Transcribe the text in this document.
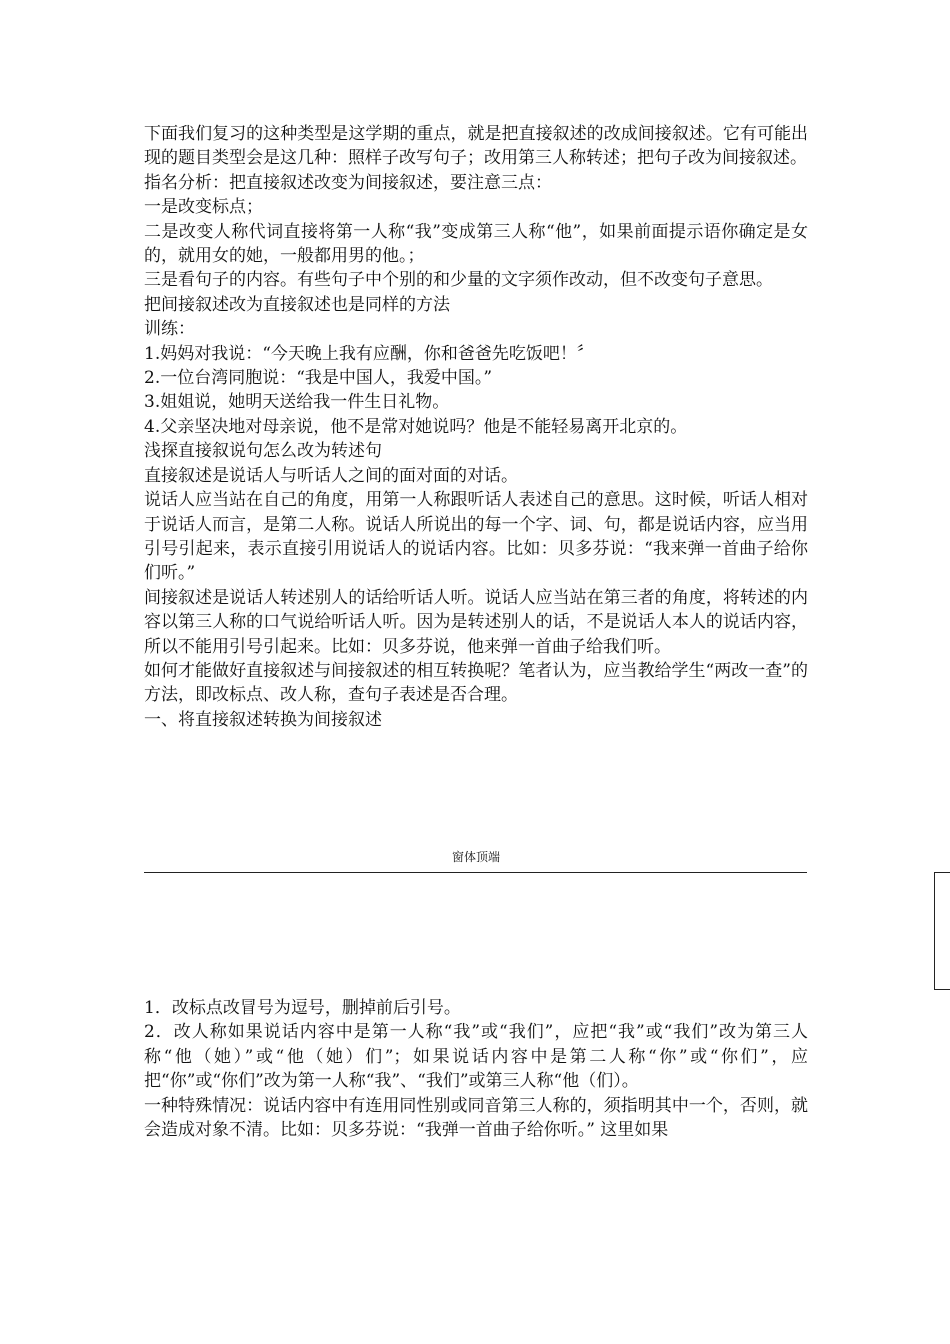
下面我们复习的这种类型是这学期的重点，就是把直接叙述的改成间接叙述。它有可能出现的题目类型会是这几种：照样子改写句子；改用第三人称转述；把句子改为间接叙述。

指名分析：把直接叙述改变为间接叙述，要注意三点：

一是改变标点；

二是改变人称代词直接将第一人称“我”变成第三人称“他”，如果前面提示语你确定是女的，就用女的她，一般都用男的他。；

三是看句子的内容。有些句子中个别的和少量的文字须作改动，但不改变句子意思。

把间接叙述改为直接叙述也是同样的方法

训练：

1.妈妈对我说：“今天晚上我有应酬，你和爸爸先吃饭吧！〞

2.一位台湾同胞说：“我是中国人，我爱中国。”

3.姐姐说，她明天送给我一件生日礼物。

4.父亲坚决地对母亲说，他不是常对她说吗？他是不能轻易离开北京的。

浅探直接叙说句怎么改为转述句

直接叙述是说话人与听话人之间的面对面的对话。

说话人应当站在自己的角度，用第一人称跟听话人表述自己的意思。这时候，听话人相对于说话人而言，是第二人称。说话人所说出的每一个字、词、句，都是说话内容，应当用引号引起来，表示直接引用说话人的说话内容。比如：贝多芬说：“我来弹一首曲子给你们听。”

间接叙述是说话人转述别人的话给听话人听。说话人应当站在第三者的角度，将转述的内容以第三人称的口气说给听话人听。因为是转述别人的话，不是说话人本人的说话内容，所以不能用引号引起来。比如：贝多芬说，他来弹一首曲子给我们听。

如何才能做好直接叙述与间接叙述的相互转换呢？笔者认为，应当教给学生“两改一查”的方法，即改标点、改人称，查句子表述是否合理。

一、将直接叙述转换为间接叙述

窗体顶端

1．改标点改冒号为逗号，删掉前后引号。

2．改人称如果说话内容中是第一人称“我”或“我们”，应把“我”或“我们”改为第三人称“他（她）”或“他（她）们”；如果说话内容中是第二人称“你”或“你们”，应把“你”或“你们”改为第一人称“我”、“我们”或第三人称“他（们）。

一种特殊情况：说话内容中有连用同性别或同音第三人称的，须指明其中一个，否则，就会造成对象不清。比如：贝多芬说：“我弹一首曲子给你听。” 这里如果
